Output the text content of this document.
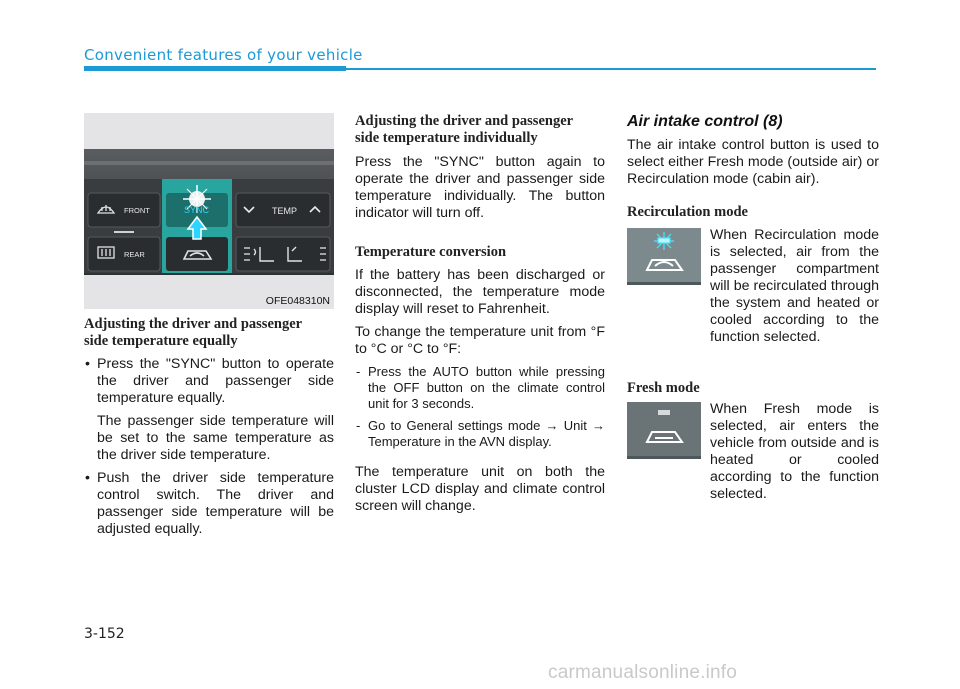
Convenient features of your vehicle
FRONT
REAR
SYNC	TEMP
OFE048310N
Adjusting the driver and passenger
side temperature equally

• Press the "SYNC" button to operate the driver and passenger side temperature equally.

The passenger side temperature will be set to the same temperature as the driver side temperature.

• Push the driver side temperature control switch. The driver and passenger side temperature will be adjusted equally.

Adjusting the driver and passenger
side temperature individually

Press the "SYNC" button again to operate the driver and passenger side temperature individually. The button indicator will turn off.

Temperature conversion

If the battery has been discharged or disconnected, the temperature mode display will reset to Fahrenheit.

To change the temperature unit from °F to °C or °C to °F:

- Press the AUTO button while pressing the OFF button on the climate control unit for 3 seconds.

- Go to General settings mode → Unit → Temperature in the AVN display.

The temperature unit on both the cluster LCD display and climate control screen will change.

Air intake control (8)

The air intake control button is used to select either Fresh mode (outside air) or Recirculation mode (cabin air).

Recirculation mode

When Recirculation mode is selected, air from the passenger compartment will be recirculated through the system and heated or cooled according to the function selected.

Fresh mode

When Fresh mode is selected, air enters the vehicle from outside and is heated or cooled according to the function selected.

3-152
carmanualsonline.info
